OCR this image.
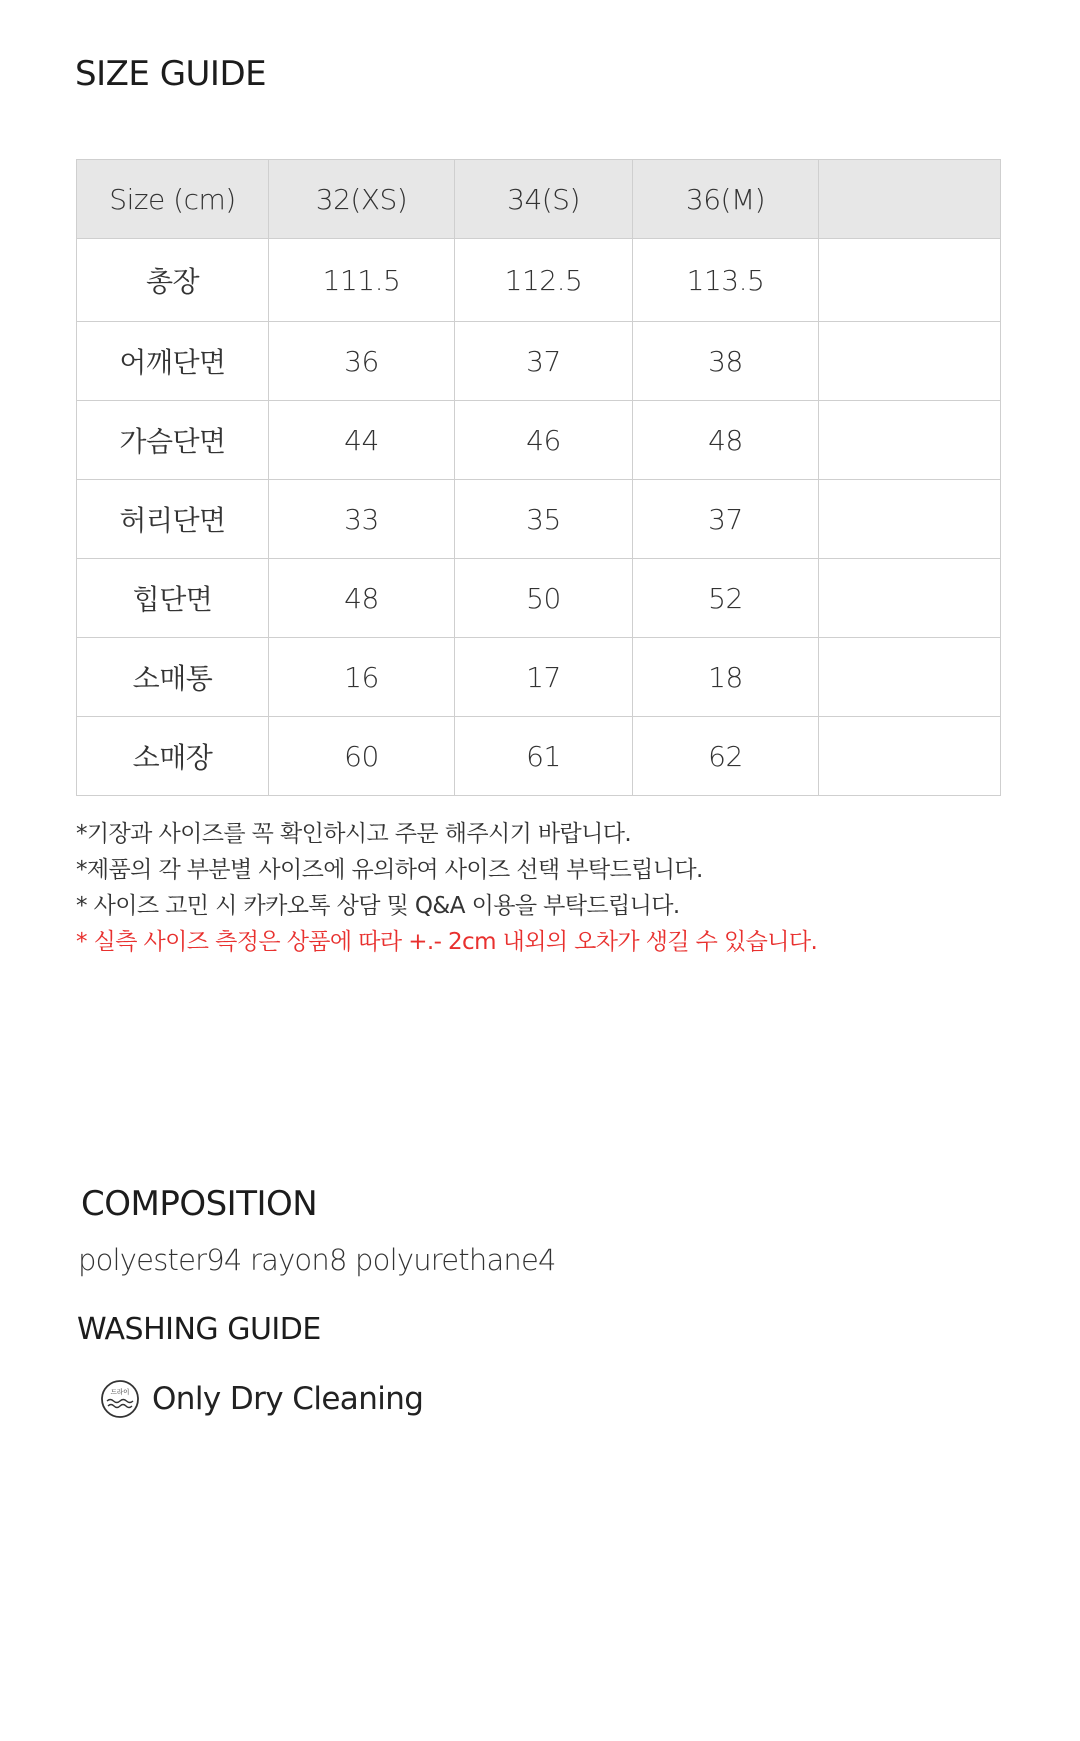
SIZE GUIDE
Size (cm)	32(XS)	34(S)	36(M)	
총장	111.5	112.5	113.5	
어깨단면	36	37	38	
가슴단면	44	46	48	
허리단면	33	35	37	
힙단면	48	50	52	
소매통	16	17	18	
소매장	60	61	62	
*기장과 사이즈를 꼭 확인하시고 주문 해주시기 바랍니다.
*제품의 각 부분별 사이즈에 유의하여 사이즈 선택 부탁드립니다.
* 사이즈 고민 시 카카오톡 상담 및 Q&A 이용을 부탁드립니다.
* 실측 사이즈 측정은 상품에 따라 +.- 2cm 내외의 오차가 생길 수 있습니다.
COMPOSITION

polyester94 rayon8 polyurethane4

WASHING GUIDE
드라이 Only Dry Cleaning
